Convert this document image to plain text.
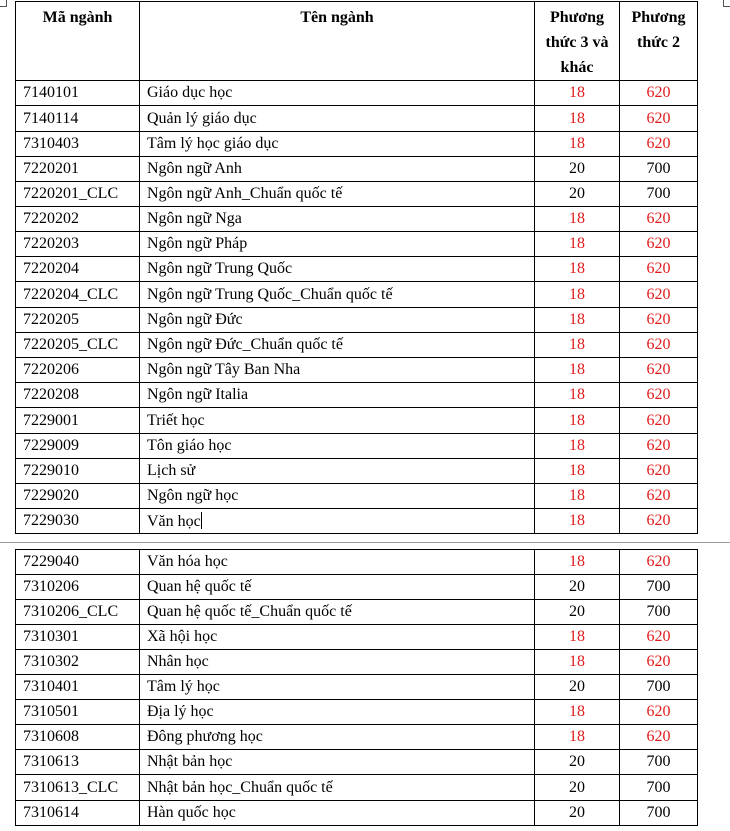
Mã ngành	Tên ngành	Phương thức 3 và khác	Phương thức 2
7140101	Giáo dục học	18	620
7140114	Quản lý giáo dục	18	620
7310403	Tâm lý học giáo dục	18	620
7220201	Ngôn ngữ Anh	20	700
7220201_CLC	Ngôn ngữ Anh_Chuẩn quốc tế	20	700
7220202	Ngôn ngữ Nga	18	620
7220203	Ngôn ngữ Pháp	18	620
7220204	Ngôn ngữ Trung Quốc	18	620
7220204_CLC	Ngôn ngữ Trung Quốc_Chuẩn quốc tế	18	620
7220205	Ngôn ngữ Đức	18	620
7220205_CLC	Ngôn ngữ Đức_Chuẩn quốc tế	18	620
7220206	Ngôn ngữ Tây Ban Nha	18	620
7220208	Ngôn ngữ Italia	18	620
7229001	Triết học	18	620
7229009	Tôn giáo học	18	620
7229010	Lịch sử	18	620
7229020	Ngôn ngữ học	18	620
7229030	Văn học	18	620
7229040	Văn hóa học	18	620
7310206	Quan hệ quốc tế	20	700
7310206_CLC	Quan hệ quốc tế_Chuẩn quốc tế	20	700
7310301	Xã hội học	18	620
7310302	Nhân học	18	620
7310401	Tâm lý học	20	700
7310501	Địa lý học	18	620
7310608	Đông phương học	18	620
7310613	Nhật bản học	20	700
7310613_CLC	Nhật bản học_Chuẩn quốc tế	20	700
7310614	Hàn quốc học	20	700
